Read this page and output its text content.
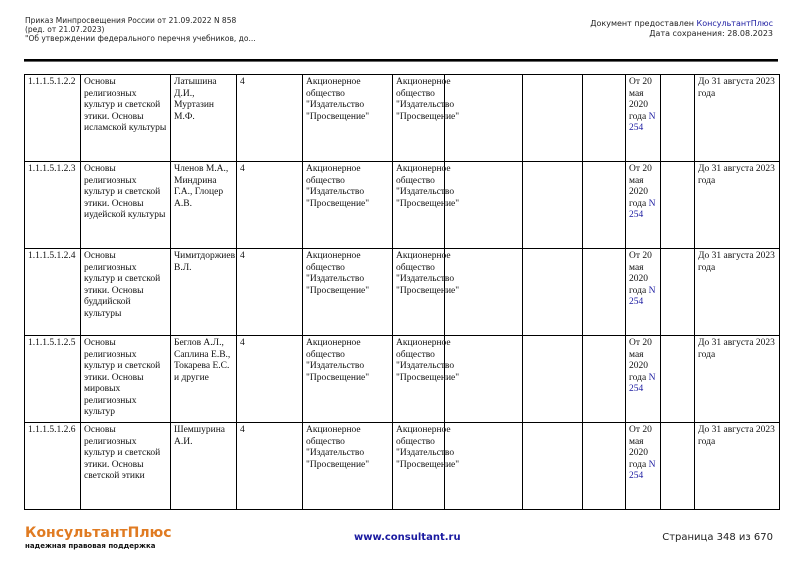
Приказ Минпросвещения России от 21.09.2022 N 858
(ред. от 21.07.2023)
"Об утверждении федерального перечня учебников, до...
Документ предоставлен КонсультантПлюс
Дата сохранения: 28.08.2023
1.1.1.5.1.2.2	Основы религиозных культур и светской этики. Основы исламской культуры	Латышина Д.И., Муртазин М.Ф.	4	Акционерное общество "Издательство "Просвещение"	Акционерное общество "Издательство "Просвещение"				От 20 мая 2020 года N 254		До 31 августа 2023 года
1.1.1.5.1.2.3	Основы религиозных культур и светской этики. Основы иудейской культуры	Членов М.А., Миндрина Г.А., Глоцер А.В.	4	Акционерное общество "Издательство "Просвещение"	Акционерное общество "Издательство "Просвещение"				От 20 мая 2020 года N 254		До 31 августа 2023 года
1.1.1.5.1.2.4	Основы религиозных культур и светской этики. Основы буддийской культуры	Чимитдоржиев В.Л.	4	Акционерное общество "Издательство "Просвещение"	Акционерное общество "Издательство "Просвещение"				От 20 мая 2020 года N 254		До 31 августа 2023 года
1.1.1.5.1.2.5	Основы религиозных культур и светской этики. Основы мировых религиозных культур	Беглов А.Л., Саплина Е.В., Токарева Е.С. и другие	4	Акционерное общество "Издательство "Просвещение"	Акционерное общество "Издательство "Просвещение"				От 20 мая 2020 года N 254		До 31 августа 2023 года
1.1.1.5.1.2.6	Основы религиозных культур и светской этики. Основы светской этики	Шемшурина А.И.	4	Акционерное общество "Издательство "Просвещение"	Акционерное общество "Издательство "Просвещение"				От 20 мая 2020 года N 254		До 31 августа 2023 года
КонсультантПлюс
надежная правовая поддержка
www.consultant.ru	Страница 348 из 670
